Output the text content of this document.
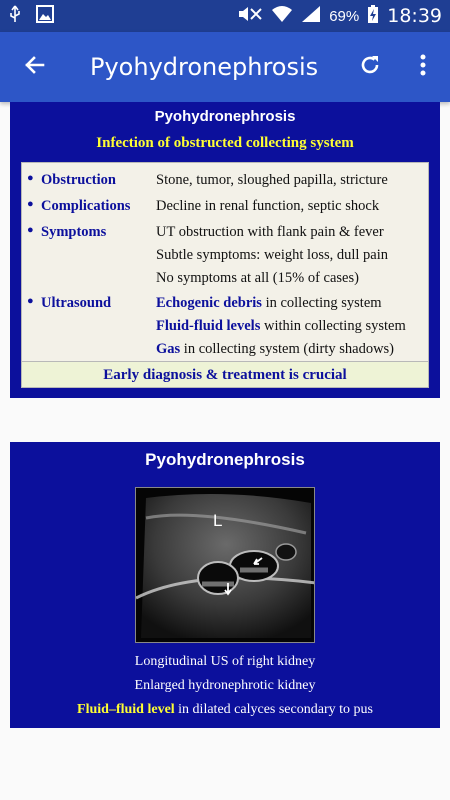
69% 18:39
Pyohydronephrosis
Pyohydronephrosis
Infection of obstructed collecting system
● Obstruction	Stone, tumor, sloughed papilla, stricture
● Complications Decline in renal function, septic shock
● Symptoms	UT obstruction with flank pain & fever
Subtle symptoms: weight loss, dull pain
No symptoms at all (15% of cases)
● Ultrasound	Echogenic debris in collecting system
Fluid-fluid levels within collecting system
Gas in collecting system (dirty shadows)
Early diagnosis & treatment is crucial
Pyohydronephrosis
L
Longitudinal US of right kidney
Enlarged hydronephrotic kidney
Fluid–fluid level in dilated calyces secondary to pus
